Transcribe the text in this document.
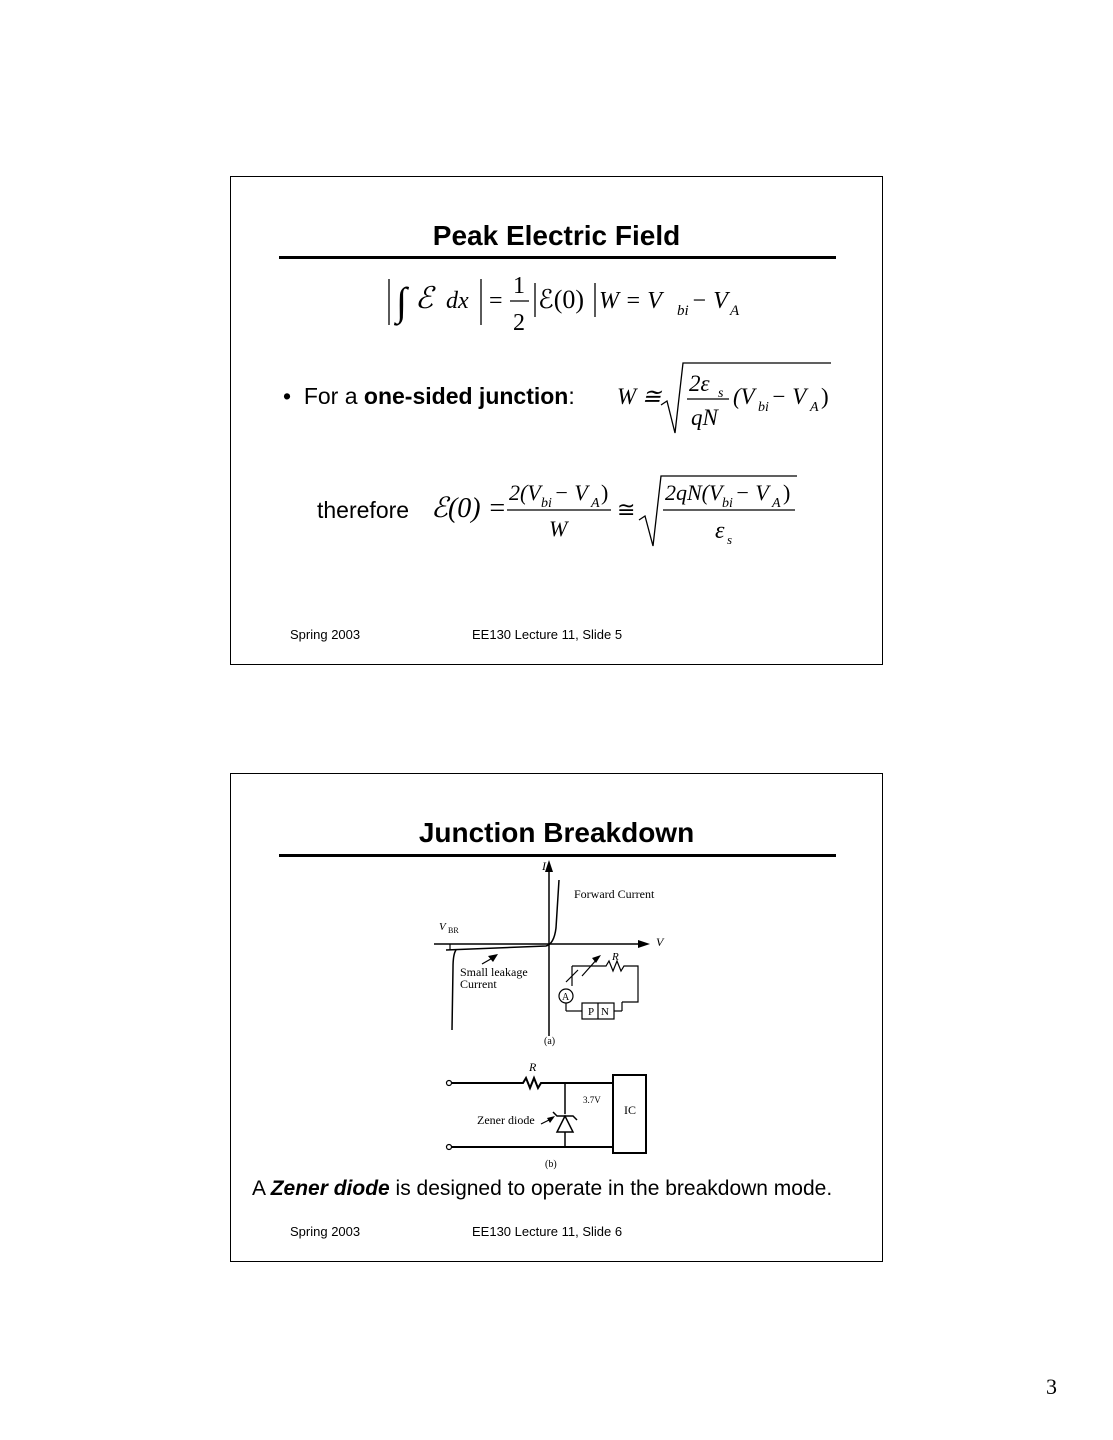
Peak Electric Field
∫ ℰ dx =
1
2
ℰ(0) W = V bi − V A
• For a one-sided junction: W ≅
2ε s
qN
(V bi − V A )
therefore ℰ(0) =
2(V bi − V A )
W
≅
2qN(V bi − V A )
ε s
Spring 2003	EE130 Lecture 11, Slide 5
Junction Breakdown
I
V
Forward Current
V BR
Small leakage
Current
R
A
P N
(a)
R
3.7V
Zener diode
IC
(b)
A Zener diode is designed to operate in the breakdown mode.
Spring 2003	EE130 Lecture 11, Slide 6
3
